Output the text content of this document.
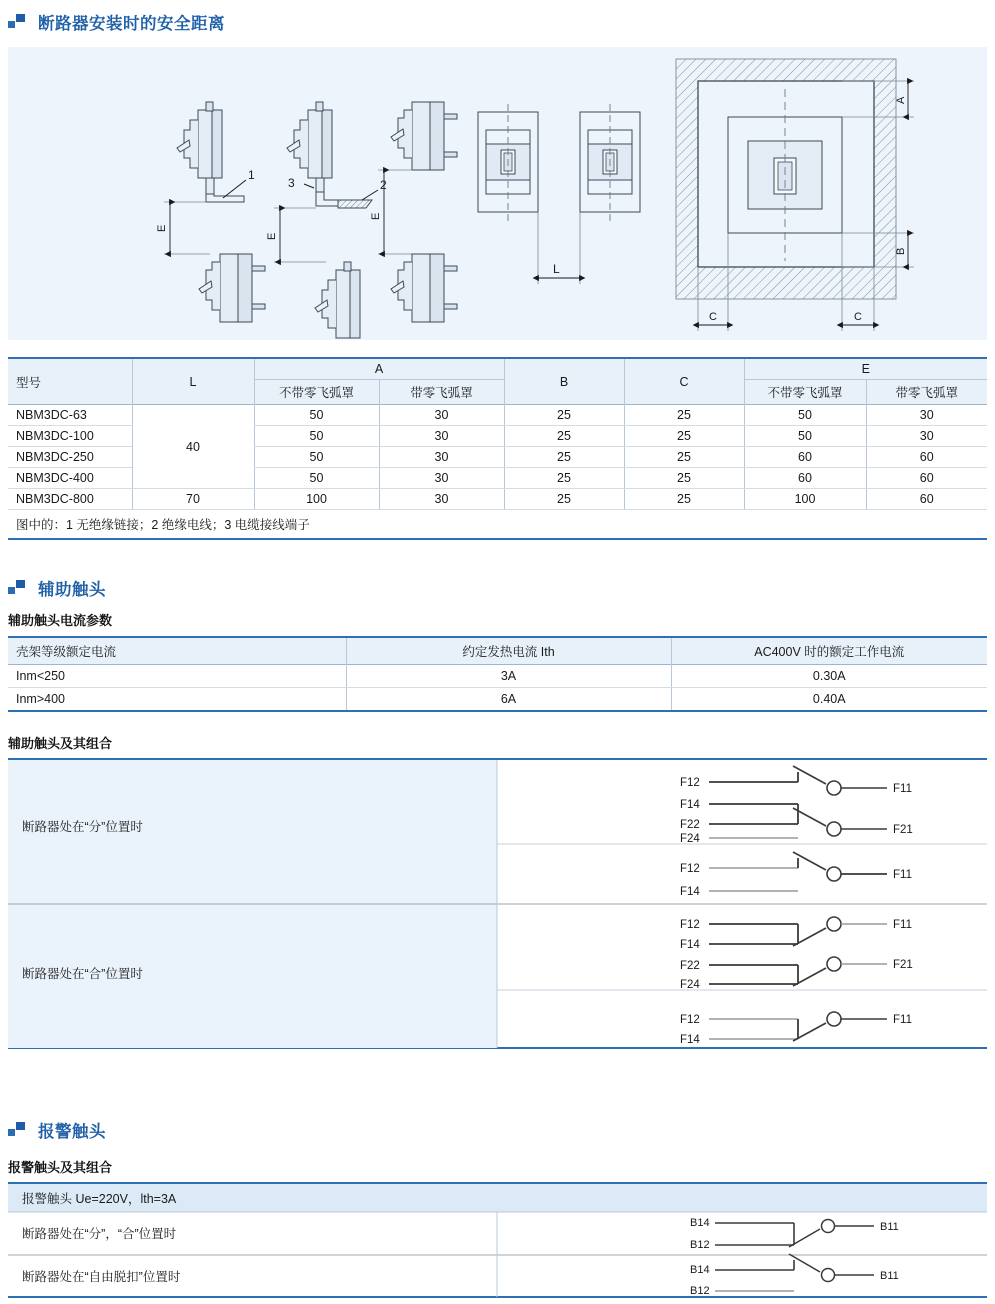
断路器安装时的安全距离
1
E
3	2
E
E
L
A
B
C	C
型号	L	A		B	C	E	
		不带零飞弧罩	带零飞弧罩			不带零飞弧罩	带零飞弧罩
NBM3DC-63	40	50	30	25	25	50	30
NBM3DC-100		50	30	25	25	50	30
NBM3DC-250		50	30	25	25	60	60
NBM3DC-400		50	30	25	25	60	60
NBM3DC-800	70	100	30	25	25	100	60
图中的：1 无绝缘链接；2 绝缘电线；3 电缆接线端子							
辅助触头
辅助触头电流参数
壳架等级额定电流	约定发热电流 Ith	AC400V 时的额定工作电流
Inm<250	3A	0.30A
Inm>400	6A	0.40A
辅助触头及其组合
断路器处在“分”位置时
断路器处在“合”位置时
F12	F11
F14
F22	F21
F24
F12	F11
F14
F12
F14
F11
F22
F24
F21
F12
F14
F11
报警触头
报警触头及其组合
报警触头 Ue=220V，lth=3A
断路器处在“分”，“合”位置时
断路器处在“自由脱扣”位置时
B14
B12
B11
B14	B11
B12
